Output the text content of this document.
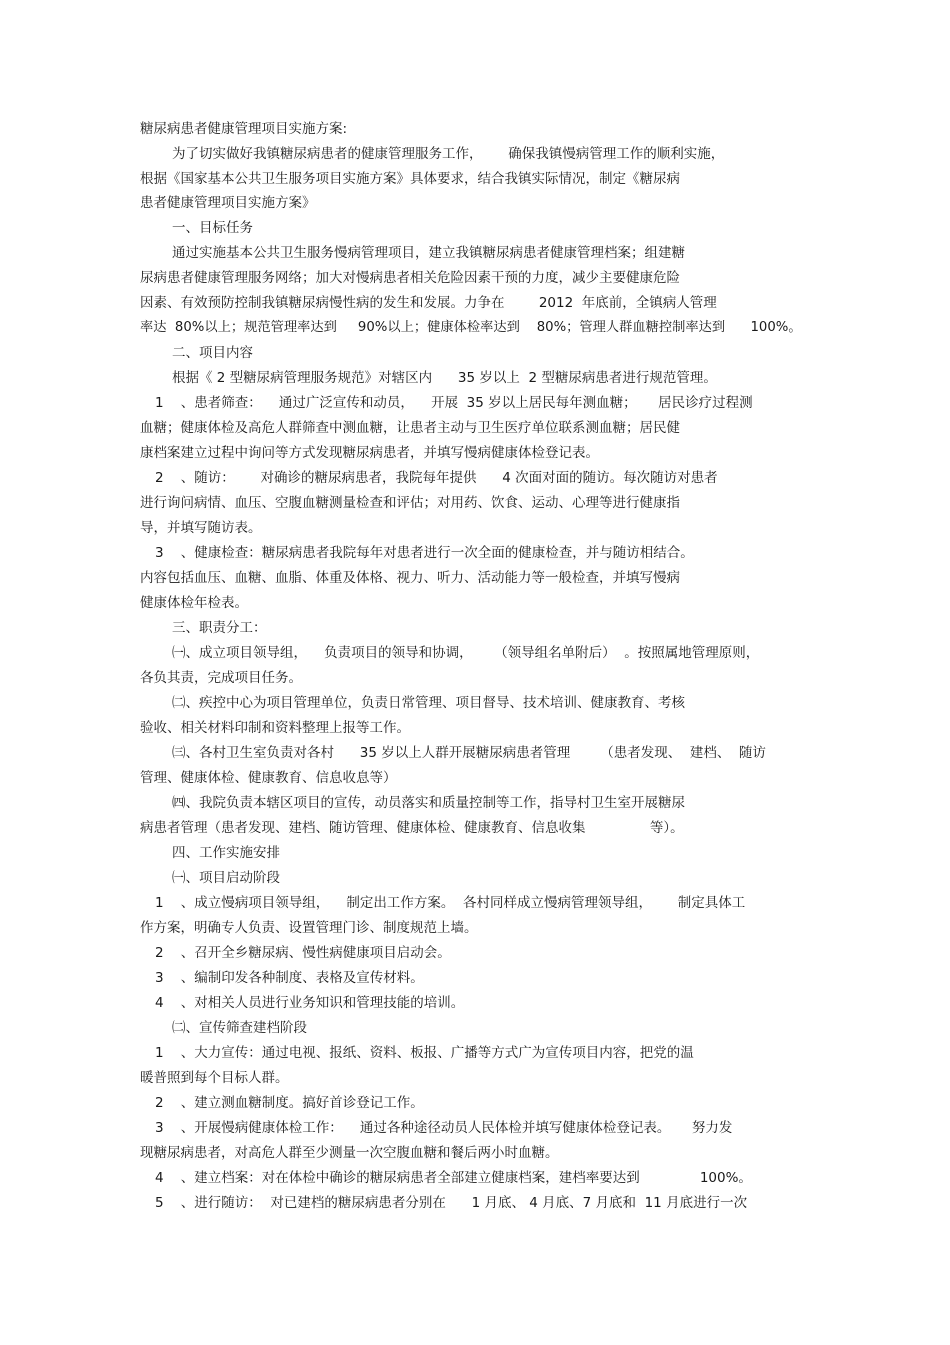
糖尿病患者健康管理项目实施方案:
为了切实做好我镇糖尿病患者的健康管理服务工作，      确保我镇慢病管理工作的顺利实施，
根据《国家基本公共卫生服务项目实施方案》具体要求，结合我镇实际情况，制定《糖尿病
患者健康管理项目实施方案》
一、目标任务
通过实施基本公共卫生服务慢病管理项目，建立我镇糖尿病患者健康管理档案；组建糖
尿病患者健康管理服务网络；加大对慢病患者相关危险因素干预的力度，减少主要健康危险
因素、有效预防控制我镇糖尿病慢性病的发生和发展。力争在        2012  年底前，全镇病人管理
率达  80%以上；规范管理率达到     90%以上；健康体检率达到    80%；管理人群血糖控制率达到      100%。
二、项目内容
根据《 2 型糖尿病管理服务规范》对辖区内      35 岁以上  2 型糖尿病患者进行规范管理。
1    、患者筛查：    通过广泛宣传和动员，    开展  35 岁以上居民每年测血糖；     居民诊疗过程测
血糖；健康体检及高危人群筛查中测血糖，让患者主动与卫生医疗单位联系测血糖；居民健
康档案建立过程中询问等方式发现糖尿病患者，并填写慢病健康体检登记表。
2    、随访：      对确诊的糖尿病患者，我院每年提供      4 次面对面的随访。每次随访对患者
进行询问病情、血压、空腹血糖测量检查和评估；对用药、饮食、运动、心理等进行健康指
导，并填写随访表。
3    、健康检查：糖尿病患者我院每年对患者进行一次全面的健康检查，并与随访相结合。
内容包括血压、血糖、血脂、体重及体格、视力、听力、活动能力等一般检查，并填写慢病
健康体检年检表。
三、职责分工：
㈠、成立项目领导组，    负责项目的领导和协调，     （领导组名单附后）  。按照属地管理原则，
各负其责，完成项目任务。
㈡、疾控中心为项目管理单位，负责日常管理、项目督导、技术培训、健康教育、考核
验收、相关材料印制和资料整理上报等工作。
㈢、各村卫生室负责对各村      35 岁以上人群开展糖尿病患者管理       （患者发现、  建档、  随访
管理、健康体检、健康教育、信息收息等）
㈣、我院负责本辖区项目的宣传，动员落实和质量控制等工作，指导村卫生室开展糖尿
病患者管理（患者发现、建档、随访管理、健康体检、健康教育、信息收集               等）。
四、工作实施安排
㈠、项目启动阶段
1    、成立慢病项目领导组，    制定出工作方案。  各村同样成立慢病管理领导组，      制定具体工
作方案，明确专人负责、设置管理门诊、制度规范上墙。
2    、召开全乡糖尿病、慢性病健康项目启动会。
3    、编制印发各种制度、表格及宣传材料。
4    、对相关人员进行业务知识和管理技能的培训。
㈡、宣传筛查建档阶段
1    、大力宣传：通过电视、报纸、资料、板报、广播等方式广为宣传项目内容，把党的温
暖普照到每个目标人群。
2    、建立测血糖制度。搞好首诊登记工作。
3    、开展慢病健康体检工作：    通过各种途径动员人民体检并填写健康体检登记表。     努力发
现糖尿病患者，对高危人群至少测量一次空腹血糖和餐后两小时血糖。
4    、建立档案：对在体检中确诊的糖尿病患者全部建立健康档案，建档率要达到              100%。
5    、进行随访：  对已建档的糖尿病患者分别在      1 月底、 4 月底、7 月底和  11 月底进行一次
